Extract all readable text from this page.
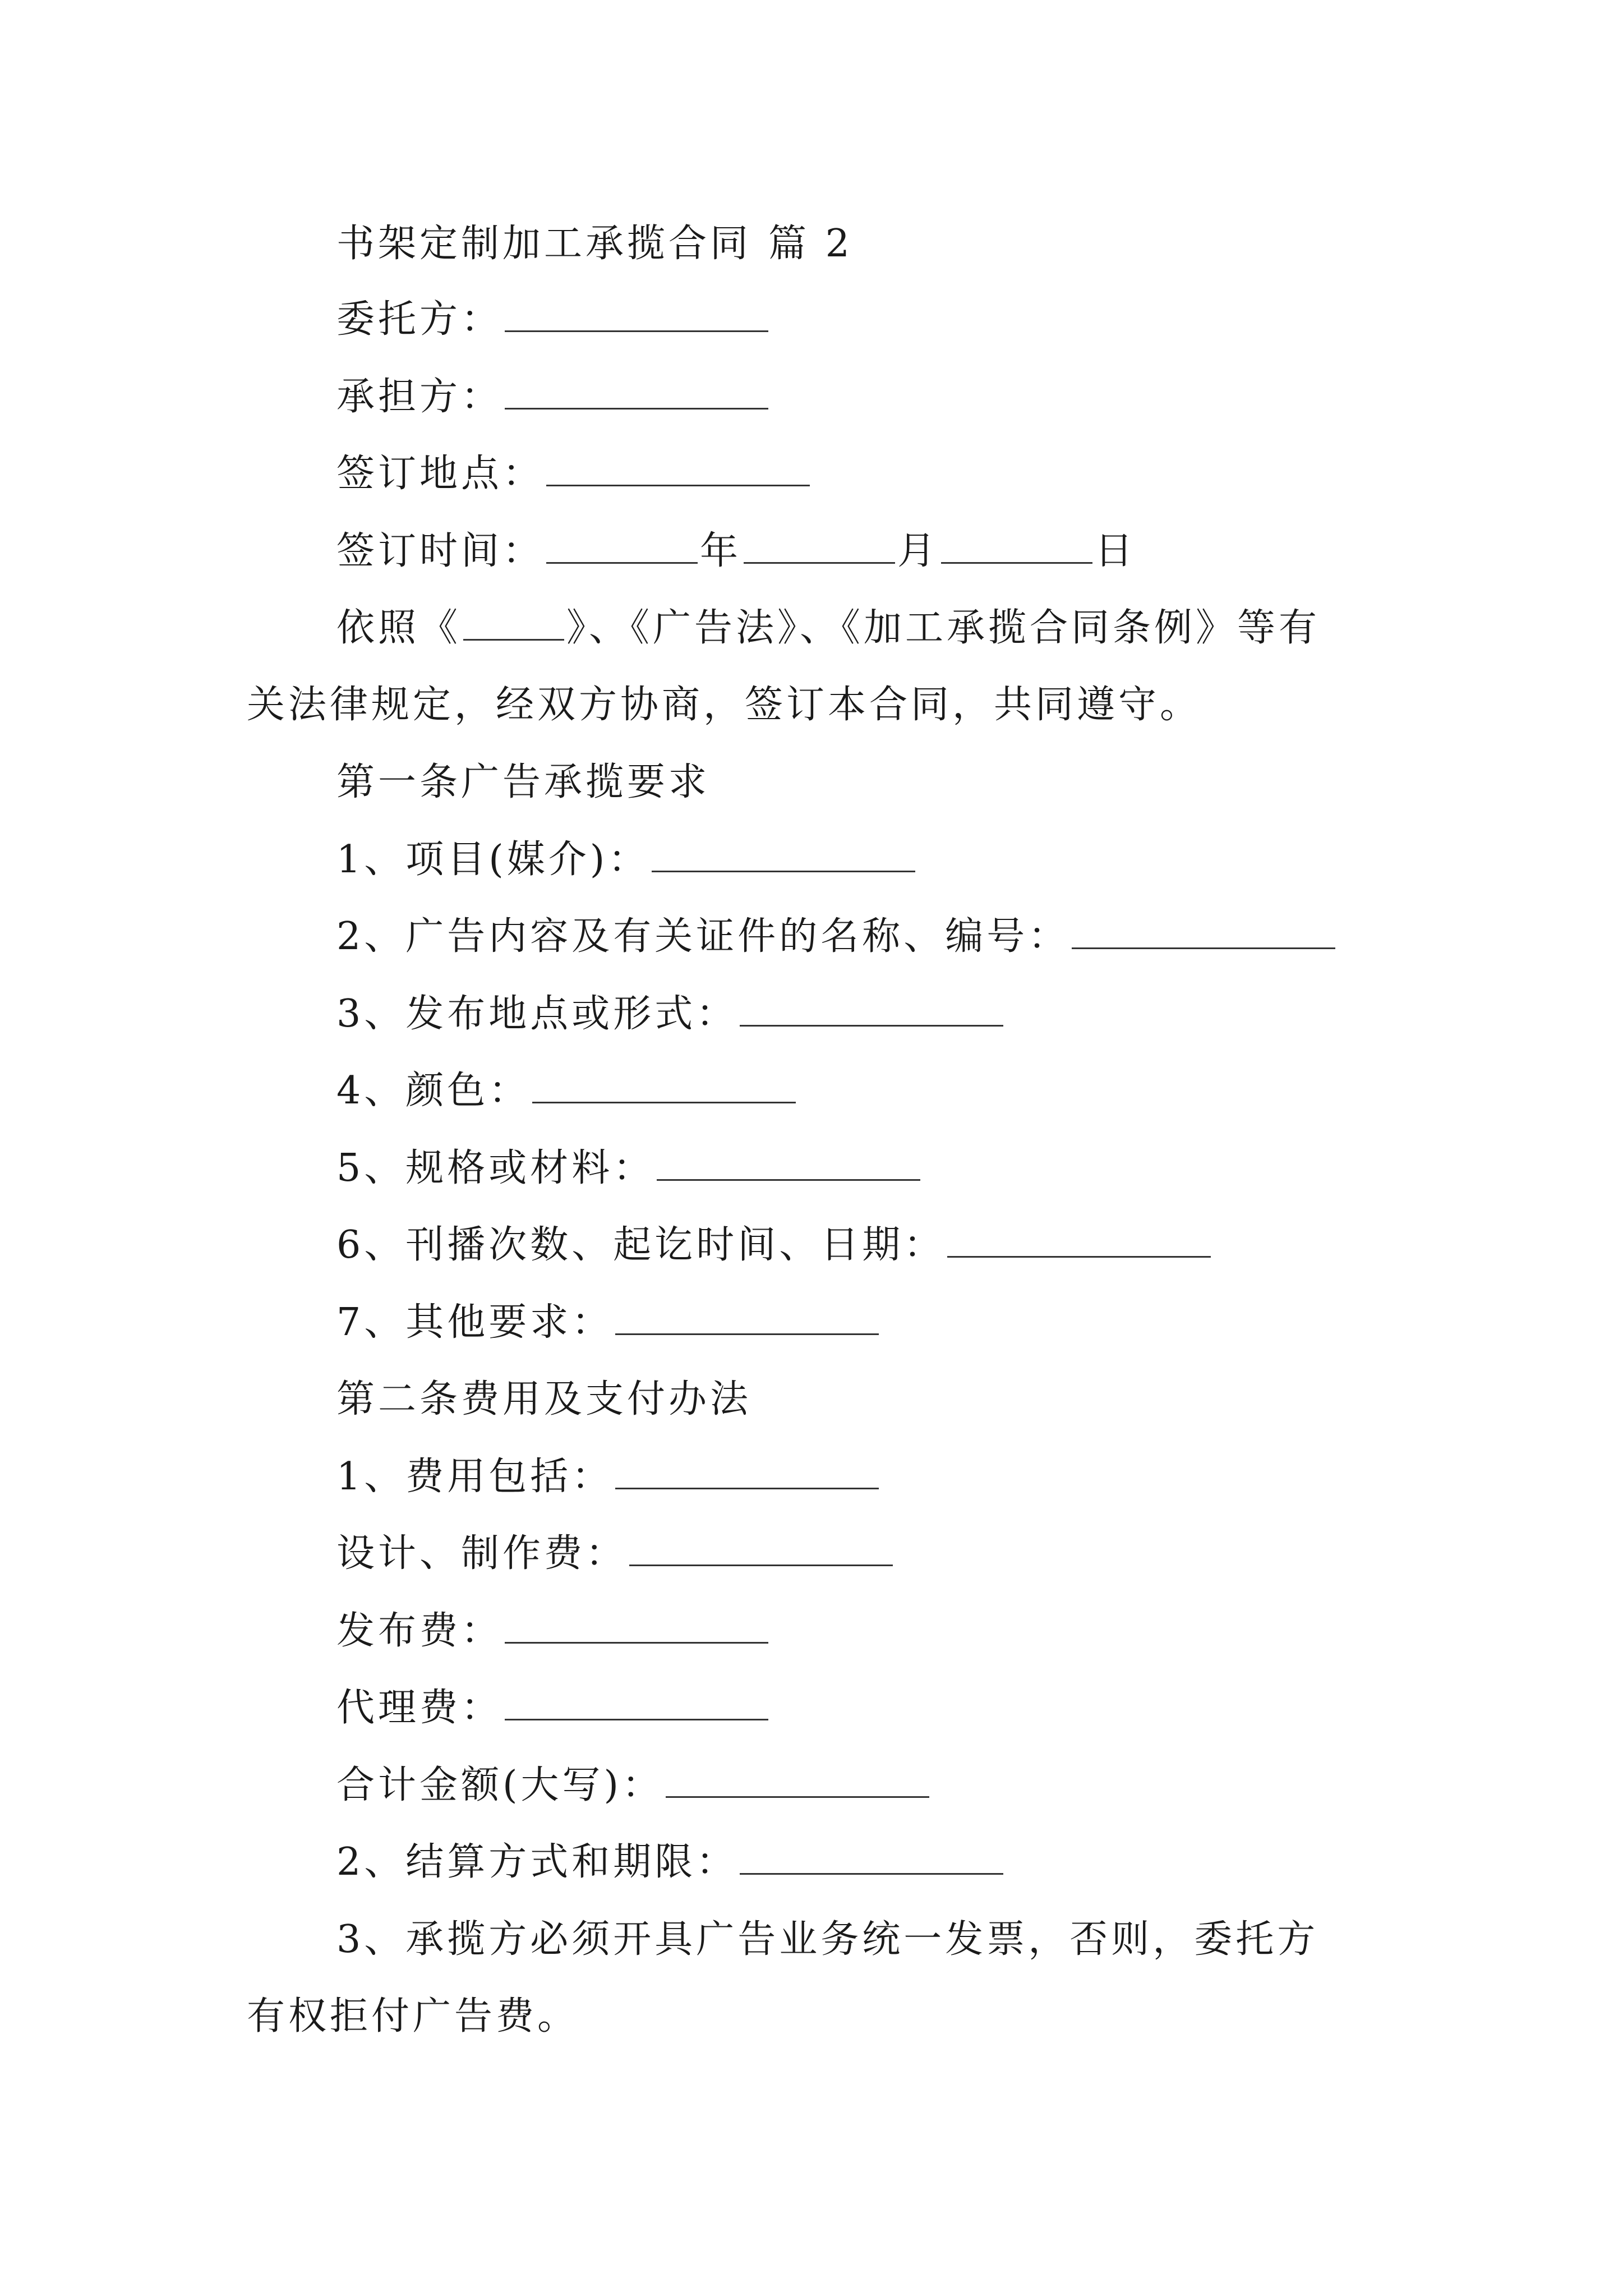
书架定制加工承揽合同 篇 2
委托方：
承担方：
签订地点：
签订时间：	年	月	日
依照《	》、《广告法》、《加工承揽合同条例》等有
关法律规定，经双方协商，签订本合同，共同遵守。
第一条广告承揽要求
1、项目(媒介)：
2、广告内容及有关证件的名称、编号：
3、发布地点或形式：
4、颜色：
5、规格或材料：
6、刊播次数、起讫时间、日期：
7、其他要求：
第二条费用及支付办法
1、费用包括：
设计、制作费：
发布费：
代理费：
合计金额(大写)：
2、结算方式和期限：
3、承揽方必须开具广告业务统一发票，否则，委托方
有权拒付广告费。
